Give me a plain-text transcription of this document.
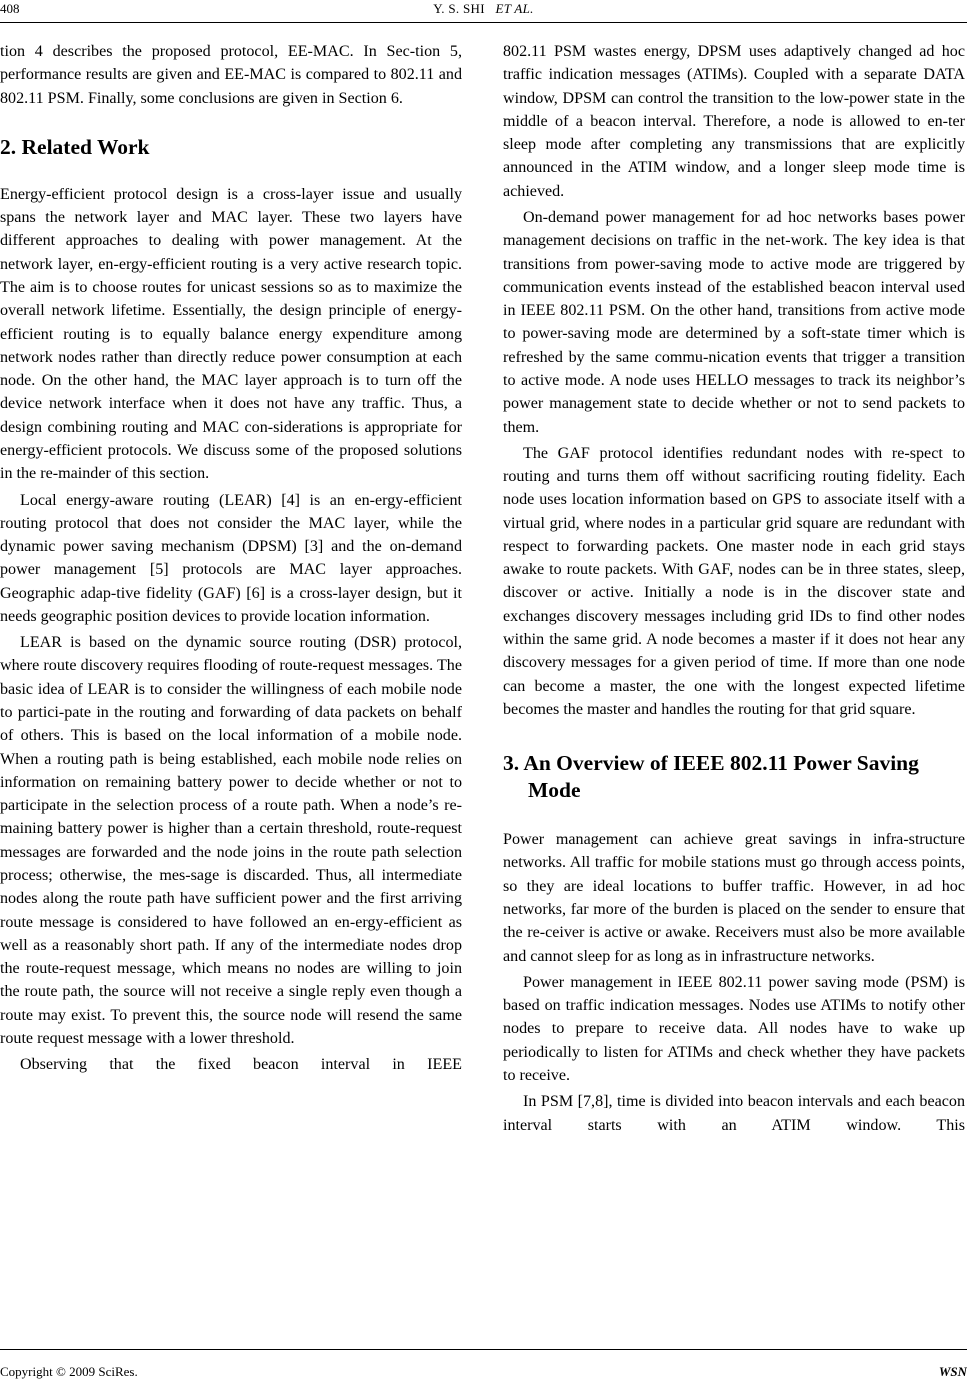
408	Y. S. SHI ET AL.

tion 4 describes the proposed protocol, EE-MAC. In Sec-tion 5, performance results are given and EE-MAC is compared to 802.11 and 802.11 PSM. Finally, some conclusions are given in Section 6.

2. Related Work

Energy-efficient protocol design is a cross-layer issue and usually spans the network layer and MAC layer. These two layers have different approaches to dealing with power management. At the network layer, en-ergy-efficient routing is a very active research topic. The aim is to choose routes for unicast sessions so as to maximize the overall network lifetime. Essentially, the design principle of energy-efficient routing is to equally balance energy expenditure among network nodes rather than directly reduce power consumption at each node. On the other hand, the MAC layer approach is to turn off the device network interface when it does not have any traffic. Thus, a design combining routing and MAC con-siderations is appropriate for energy-efficient protocols. We discuss some of the proposed solutions in the re-mainder of this section.

Local energy-aware routing (LEAR) [4] is an en-ergy-efficient routing protocol that does not consider the MAC layer, while the dynamic power saving mechanism (DPSM) [3] and the on-demand power management [5] protocols are MAC layer approaches. Geographic adap-tive fidelity (GAF) [6] is a cross-layer design, but it needs geographic position devices to provide location information.

LEAR is based on the dynamic source routing (DSR) protocol, where route discovery requires flooding of route-request messages. The basic idea of LEAR is to consider the willingness of each mobile node to partici-pate in the routing and forwarding of data packets on behalf of others. This is based on the local information of a mobile node. When a routing path is being established, each mobile node relies on information on remaining battery power to decide whether or not to participate in the selection process of a route path. When a node’s re-maining battery power is higher than a certain threshold, route-request messages are forwarded and the node joins in the route path selection process; otherwise, the mes-sage is discarded. Thus, all intermediate nodes along the route path have sufficient power and the first arriving route message is considered to have followed an en-ergy-efficient as well as a reasonably short path. If any of the intermediate nodes drop the route-request message, which means no nodes are willing to join the route path, the source will not receive a single reply even though a route may exist. To prevent this, the source node will resend the same route request message with a lower threshold.

Observing that the fixed beacon interval in IEEE

802.11 PSM wastes energy, DPSM uses adaptively changed ad hoc traffic indication messages (ATIMs). Coupled with a separate DATA window, DPSM can control the transition to the low-power state in the middle of a beacon interval. Therefore, a node is allowed to en-ter sleep mode after completing any transmissions that are explicitly announced in the ATIM window, and a longer sleep mode time is achieved.

On-demand power management for ad hoc networks bases power management decisions on traffic in the net-work. The key idea is that transitions from power-saving mode to active mode are triggered by communication events instead of the established beacon interval used in IEEE 802.11 PSM. On the other hand, transitions from active mode to power-saving mode are determined by a soft-state timer which is refreshed by the same commu-nication events that trigger a transition to active mode. A node uses HELLO messages to track its neighbor’s power management state to decide whether or not to send packets to them.

The GAF protocol identifies redundant nodes with re-spect to routing and turns them off without sacrificing routing fidelity. Each node uses location information based on GPS to associate itself with a virtual grid, where nodes in a particular grid square are redundant with respect to forwarding packets. One master node in each grid stays awake to route packets. With GAF, nodes can be in three states, sleep, discover or active. Initially a node is in the discover state and exchanges discovery messages including grid IDs to find other nodes within the same grid. A node becomes a master if it does not hear any discovery messages for a given period of time. If more than one node can become a master, the one with the longest expected lifetime becomes the master and handles the routing for that grid square.

3. An Overview of IEEE 802.11 Power Saving Mode

Power management can achieve great savings in infra-structure networks. All traffic for mobile stations must go through access points, so they are ideal locations to buffer traffic. However, in ad hoc networks, far more of the burden is placed on the sender to ensure that the re-ceiver is active or awake. Receivers must also be more available and cannot sleep for as long as in infrastructure networks.

Power management in IEEE 802.11 power saving mode (PSM) is based on traffic indication messages. Nodes use ATIMs to notify other nodes to prepare to receive data. All nodes have to wake up periodically to listen for ATIMs and check whether they have packets to receive.

In PSM [7,8], time is divided into beacon intervals and each beacon interval starts with an ATIM window. This

Copyright © 2009 SciRes.	WSN
